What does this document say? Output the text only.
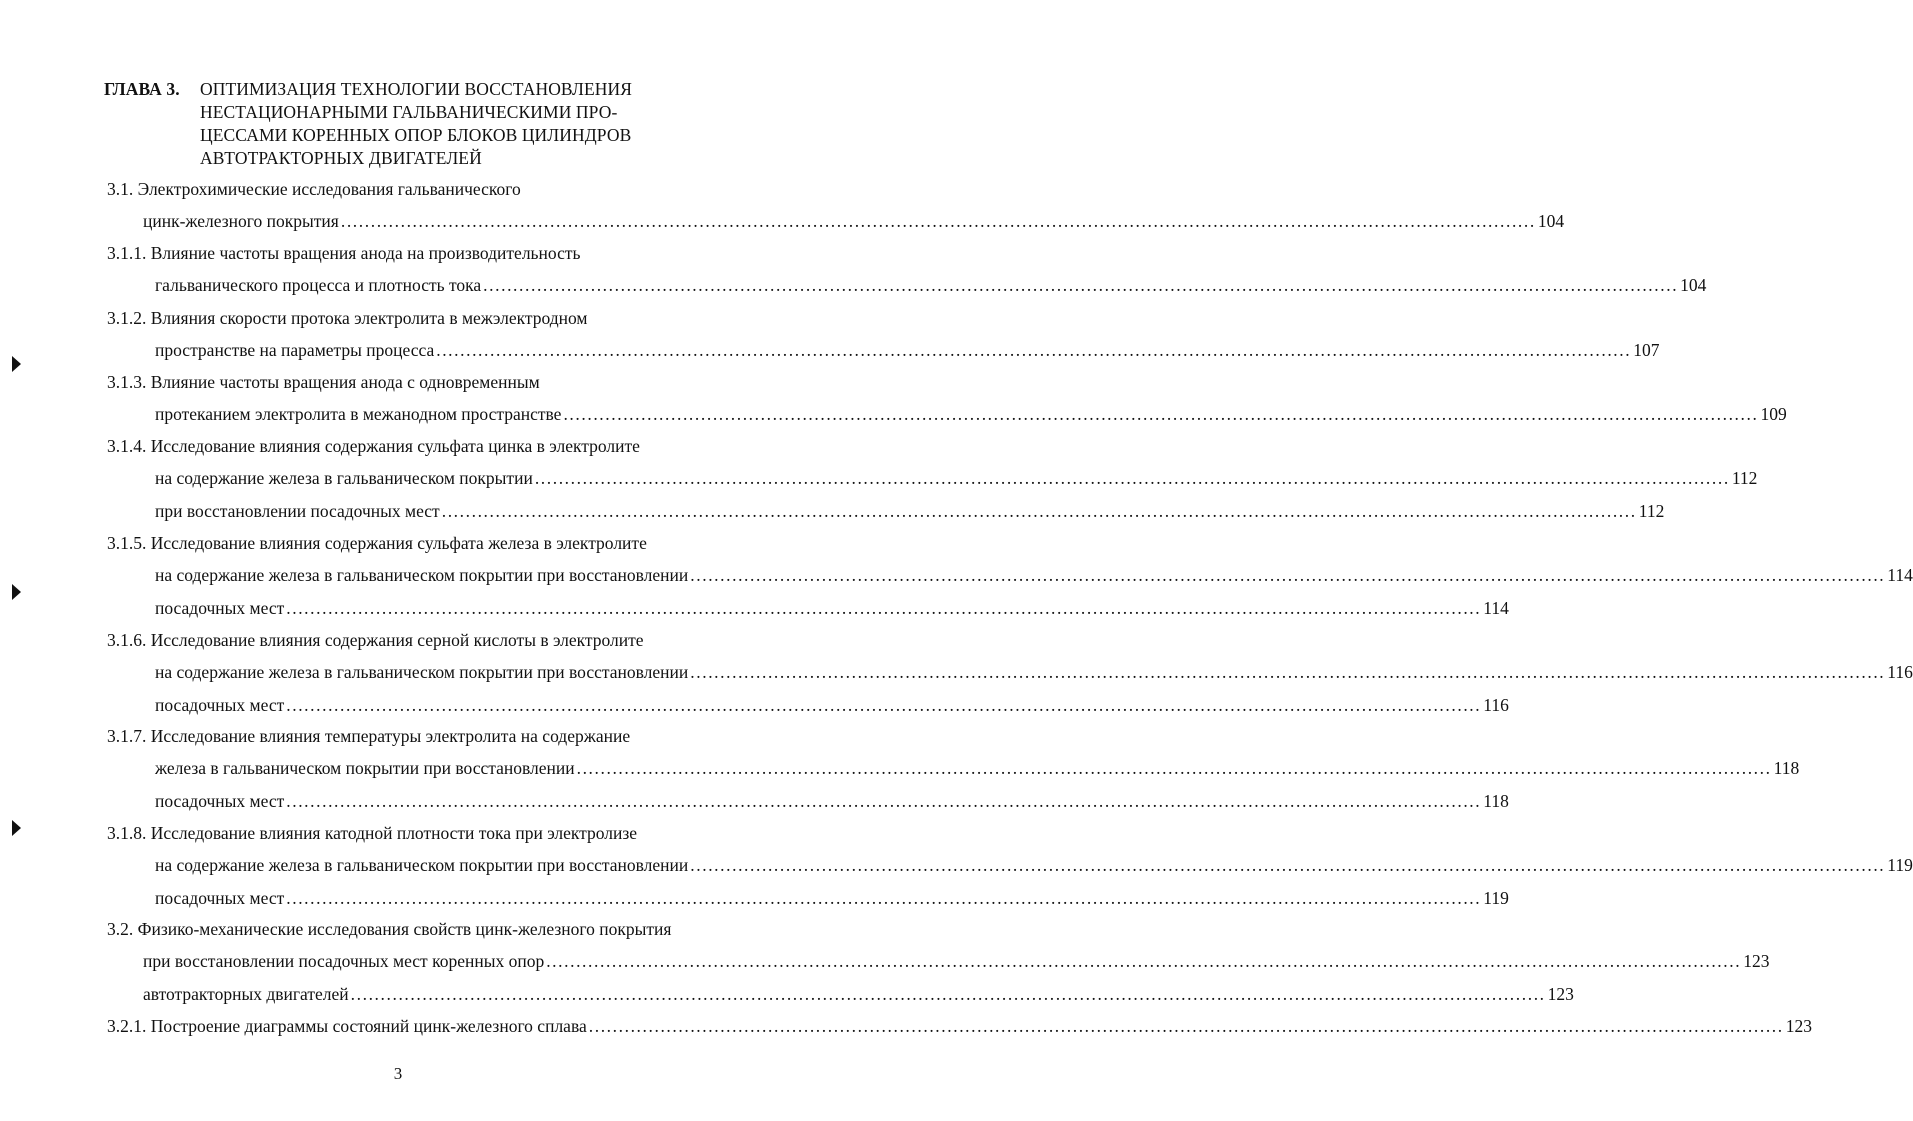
ГЛАВА 3. ОПТИМИЗАЦИЯ ТЕХНОЛОГИИ ВОССТАНОВЛЕНИЯ
НЕСТАЦИОНАРНЫМИ ГАЛЬВАНИЧЕСКИМИ ПРО-
ЦЕССАМИ КОРЕННЫХ ОПОР БЛОКОВ ЦИЛИНДРОВ
АВТОТРАКТОРНЫХ ДВИГАТЕЛЕЙ
3.1. Электрохимические исследования гальванического
цинк-железного покрытия ........................................................................................................................................................................................................ 104
3.1.1. Влияние частоты вращения анода на производительность
гальванического процесса и плотность тока ........................................................................................................................................................................................................ 104
3.1.2. Влияния скорости протока электролита в межэлектродном
пространстве на параметры процесса ........................................................................................................................................................................................................ 107
3.1.3. Влияние частоты вращения анода с одновременным
протеканием электролита в межанодном пространстве ........................................................................................................................................................................................................ 109
3.1.4. Исследование влияния содержания сульфата цинка в электролите
на содержание железа в гальваническом покрытии ........................................................................................................................................................................................................ 112
при восстановлении посадочных мест ........................................................................................................................................................................................................ 112
3.1.5. Исследование влияния содержания сульфата железа в электролите
на содержание железа в гальваническом покрытии при восстановлении ........................................................................................................................................................................................................ 114
посадочных мест ........................................................................................................................................................................................................ 114
3.1.6. Исследование влияния содержания серной кислоты в электролите
на содержание железа в гальваническом покрытии при восстановлении ........................................................................................................................................................................................................ 116
посадочных мест ........................................................................................................................................................................................................ 116
3.1.7. Исследование влияния температуры электролита на содержание
железа в гальваническом покрытии при восстановлении ........................................................................................................................................................................................................ 118
посадочных мест ........................................................................................................................................................................................................ 118
3.1.8. Исследование влияния катодной плотности тока при электролизе
на содержание железа в гальваническом покрытии при восстановлении ........................................................................................................................................................................................................ 119
посадочных мест ........................................................................................................................................................................................................ 119
3.2. Физико-механические исследования свойств цинк-железного покрытия
при восстановлении посадочных мест коренных опор ........................................................................................................................................................................................................ 123
автотракторных двигателей ........................................................................................................................................................................................................ 123
3.2.1. Построение диаграммы состояний цинк-железного сплава ........................................................................................................................................................................................................ 123
3
